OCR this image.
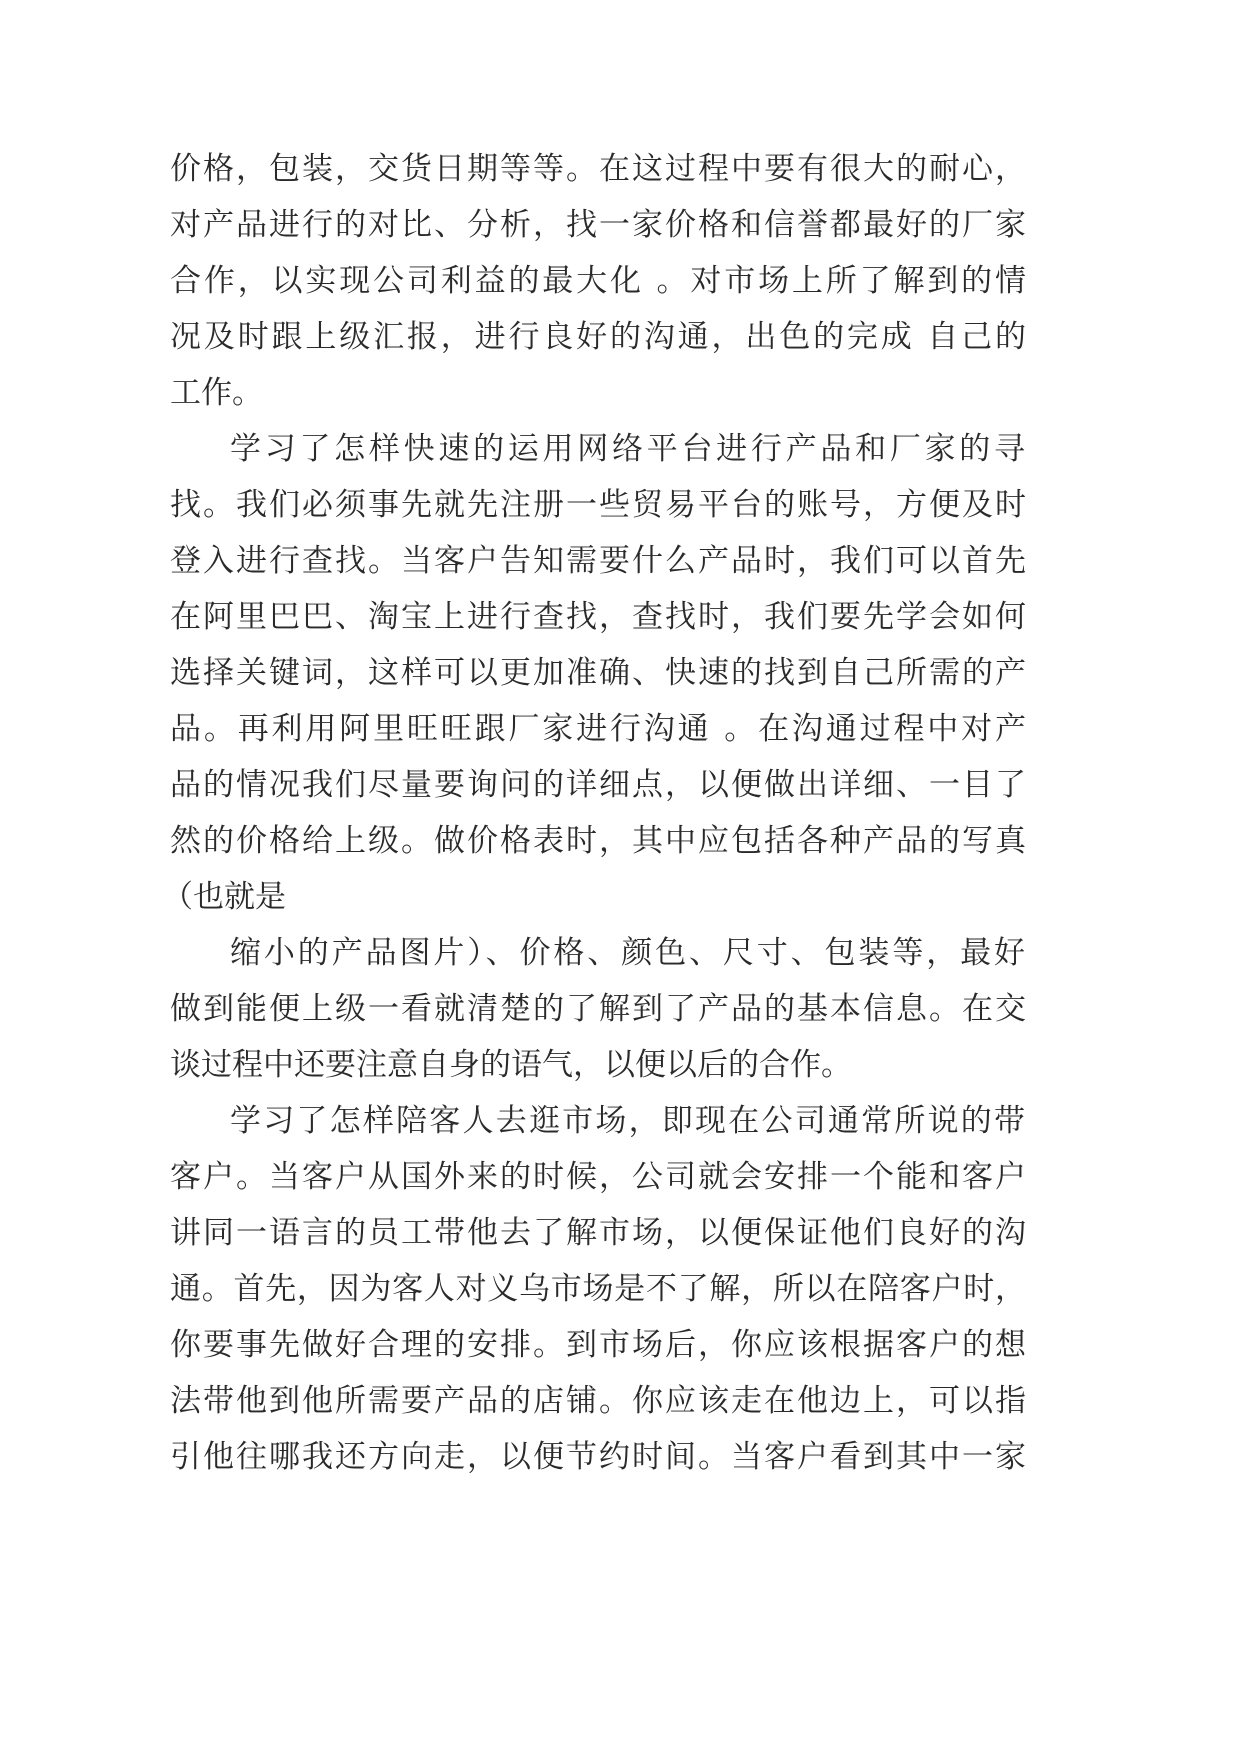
价格，包装，交货日期等等。在这过程中要有很大的耐心，
对产品进行的对比、分析，找一家价格和信誉都最好的厂家
合作，以实现公司利益的最大化 。对市场上所了解到的情
况及时跟上级汇报，进行良好的沟通，出色的完成 自己的
工作。
学习了怎样快速的运用网络平台进行产品和厂家的寻
找。我们必须事先就先注册一些贸易平台的账号，方便及时
登入进行查找。当客户告知需要什么产品时，我们可以首先
在阿里巴巴、淘宝上进行查找，查找时，我们要先学会如何
选择关键词，这样可以更加准确、快速的找到自己所需的产
品。再利用阿里旺旺跟厂家进行沟通 。在沟通过程中对产
品的情况我们尽量要询问的详细点，以便做出详细、一目了
然的价格给上级。做价格表时，其中应包括各种产品的写真
（也就是
缩小的产品图片）、价格、颜色、尺寸、包装等，最好
做到能便上级一看就清楚的了解到了产品的基本信息。在交
谈过程中还要注意自身的语气，以便以后的合作。
学习了怎样陪客人去逛市场，即现在公司通常所说的带
客户。当客户从国外来的时候，公司就会安排一个能和客户
讲同一语言的员工带他去了解市场，以便保证他们良好的沟
通。首先，因为客人对义乌市场是不了解，所以在陪客户时，
你要事先做好合理的安排。到市场后，你应该根据客户的想
法带他到他所需要产品的店铺。你应该走在他边上，可以指
引他往哪我还方向走，以便节约时间。当客户看到其中一家
